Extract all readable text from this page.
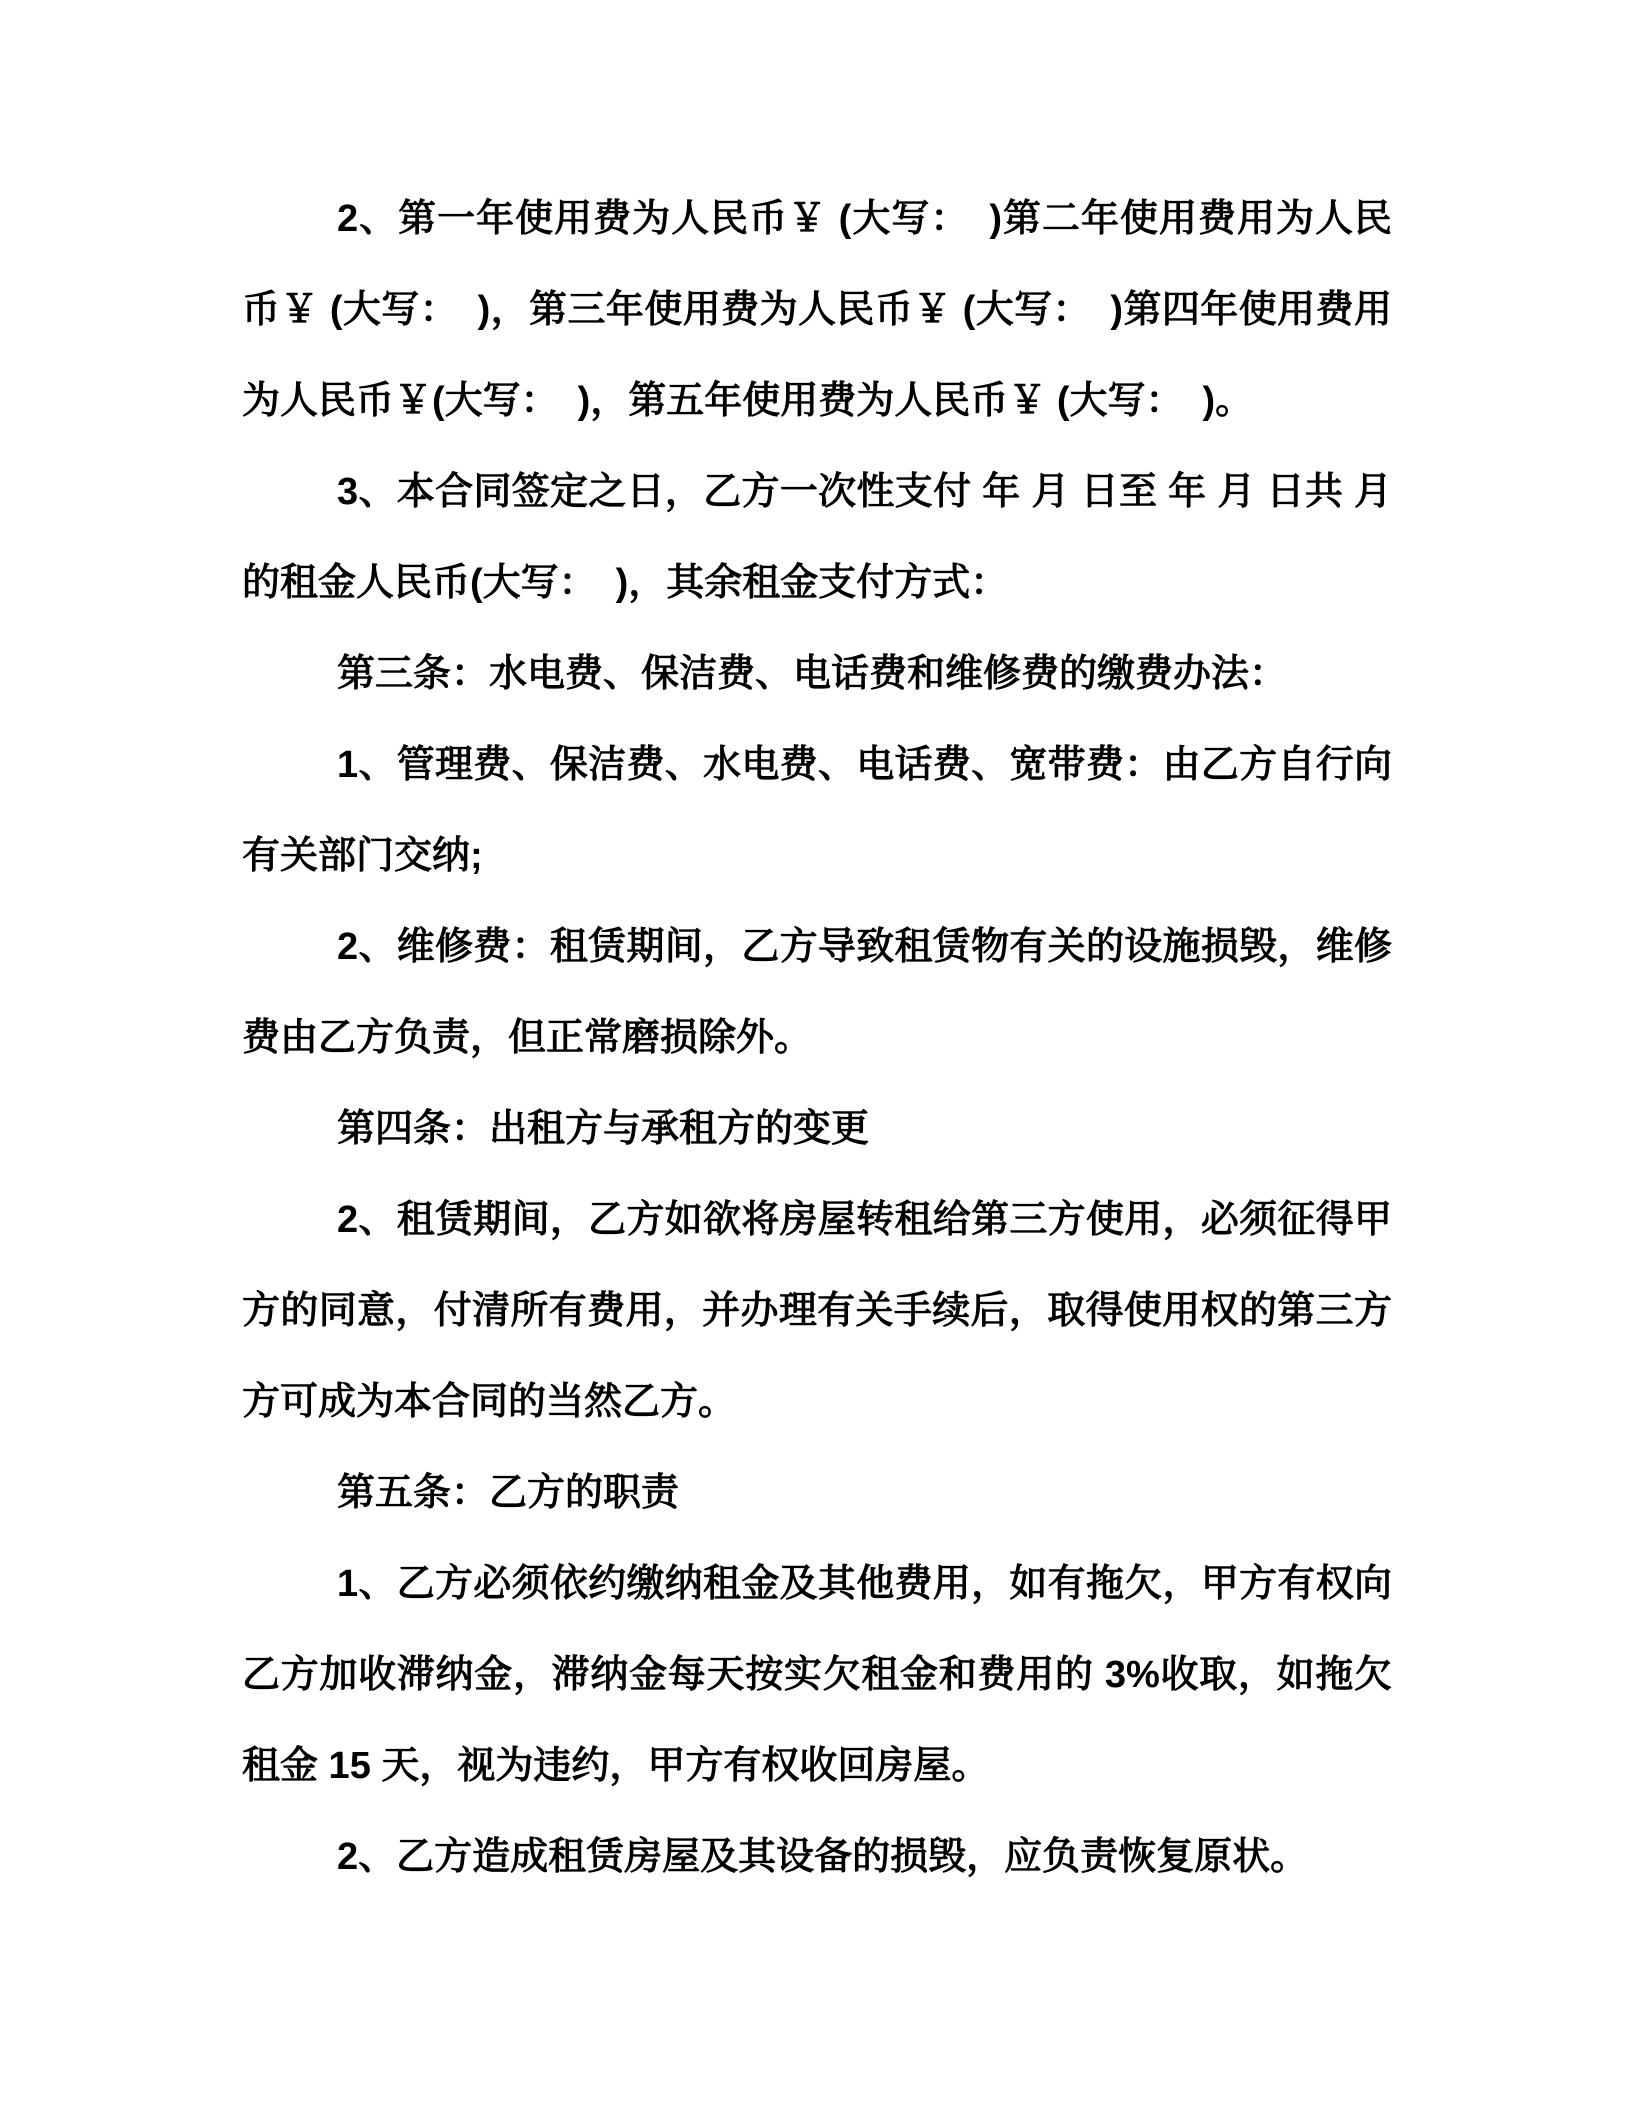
2、第一年使用费为人民币￥ (大写：　)第二年使用费用为人民币￥ (大写：　)，第三年使用费为人民币￥ (大写：　)第四年使用费用为人民币￥(大写：　)，第五年使用费为人民币￥ (大写：　)。

3、本合同签定之日，乙方一次性支付 年 月 日至 年 月 日共 月的租金人民币(大写：　)，其余租金支付方式：

第三条：水电费、保洁费、电话费和维修费的缴费办法：

1、管理费、保洁费、水电费、电话费、宽带费：由乙方自行向有关部门交纳;

2、维修费：租赁期间，乙方导致租赁物有关的设施损毁，维修费由乙方负责，但正常磨损除外。

第四条：出租方与承租方的变更

2、租赁期间，乙方如欲将房屋转租给第三方使用，必须征得甲方的同意，付清所有费用，并办理有关手续后，取得使用权的第三方方可成为本合同的当然乙方。

第五条：乙方的职责

1、乙方必须依约缴纳租金及其他费用，如有拖欠，甲方有权向乙方加收滞纳金，滞纳金每天按实欠租金和费用的 3%收取，如拖欠租金 15 天，视为违约，甲方有权收回房屋。

2、乙方造成租赁房屋及其设备的损毁，应负责恢复原状。
